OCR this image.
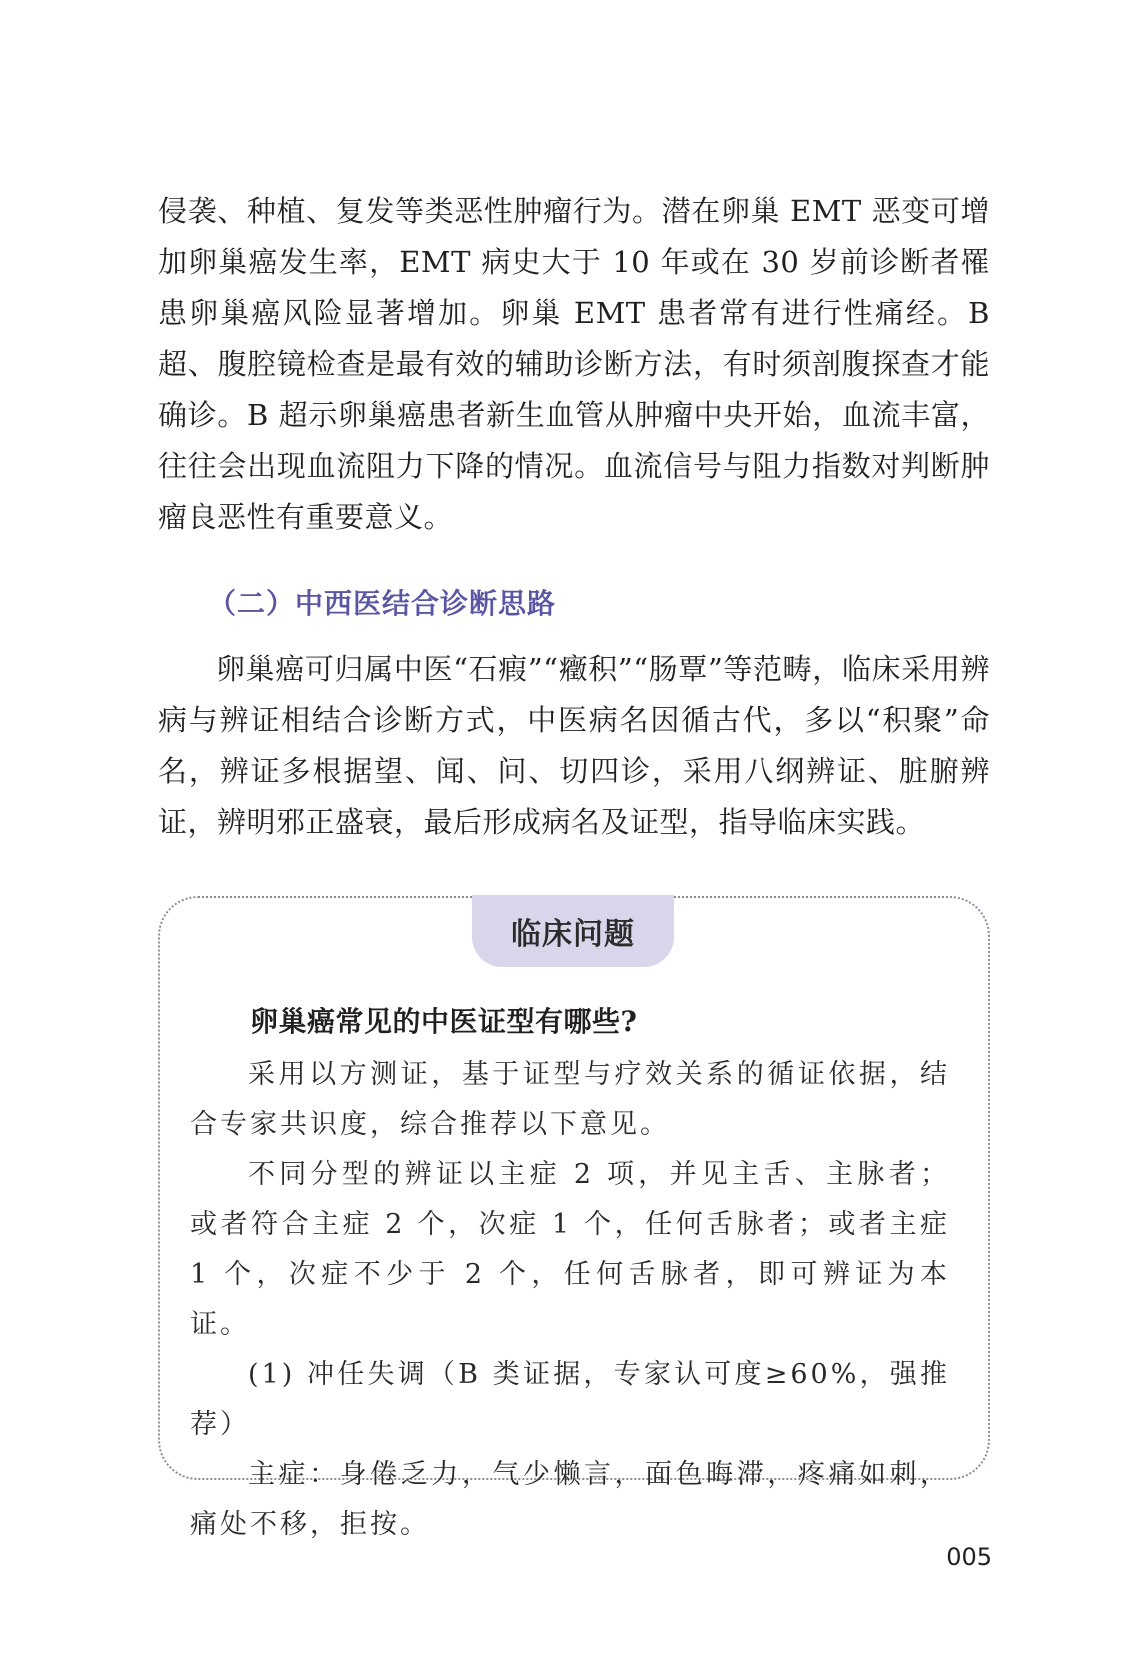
侵袭、种植、复发等类恶性肿瘤行为。潜在卵巢 EMT 恶变可增加卵巢癌发生率，EMT 病史大于 10 年或在 30 岁前诊断者罹患卵巢癌风险显著增加。卵巢 EMT 患者常有进行性痛经。B 超、腹腔镜检查是最有效的辅助诊断方法，有时须剖腹探查才能确诊。B 超示卵巢癌患者新生血管从肿瘤中央开始，血流丰富，往往会出现血流阻力下降的情况。血流信号与阻力指数对判断肿瘤良恶性有重要意义。
（二）中西医结合诊断思路
卵巢癌可归属中医“石瘕”“癥积”“肠覃”等范畴，临床采用辨病与辨证相结合诊断方式，中医病名因循古代，多以“积聚”命名，辨证多根据望、闻、问、切四诊，采用八纲辨证、脏腑辨证，辨明邪正盛衰，最后形成病名及证型，指导临床实践。
临床问题
卵巢癌常见的中医证型有哪些?

采用以方测证，基于证型与疗效关系的循证依据，结合专家共识度，综合推荐以下意见。

不同分型的辨证以主症 2 项，并见主舌、主脉者；或者符合主症 2 个，次症 1 个，任何舌脉者；或者主症 1 个，次症不少于 2 个，任何舌脉者，即可辨证为本证。

(1) 冲任失调（B 类证据，专家认可度≥60%，强推荐）

主症：身倦乏力，气少懒言，面色晦滞，疼痛如刺，痛处不移，拒按。

005
